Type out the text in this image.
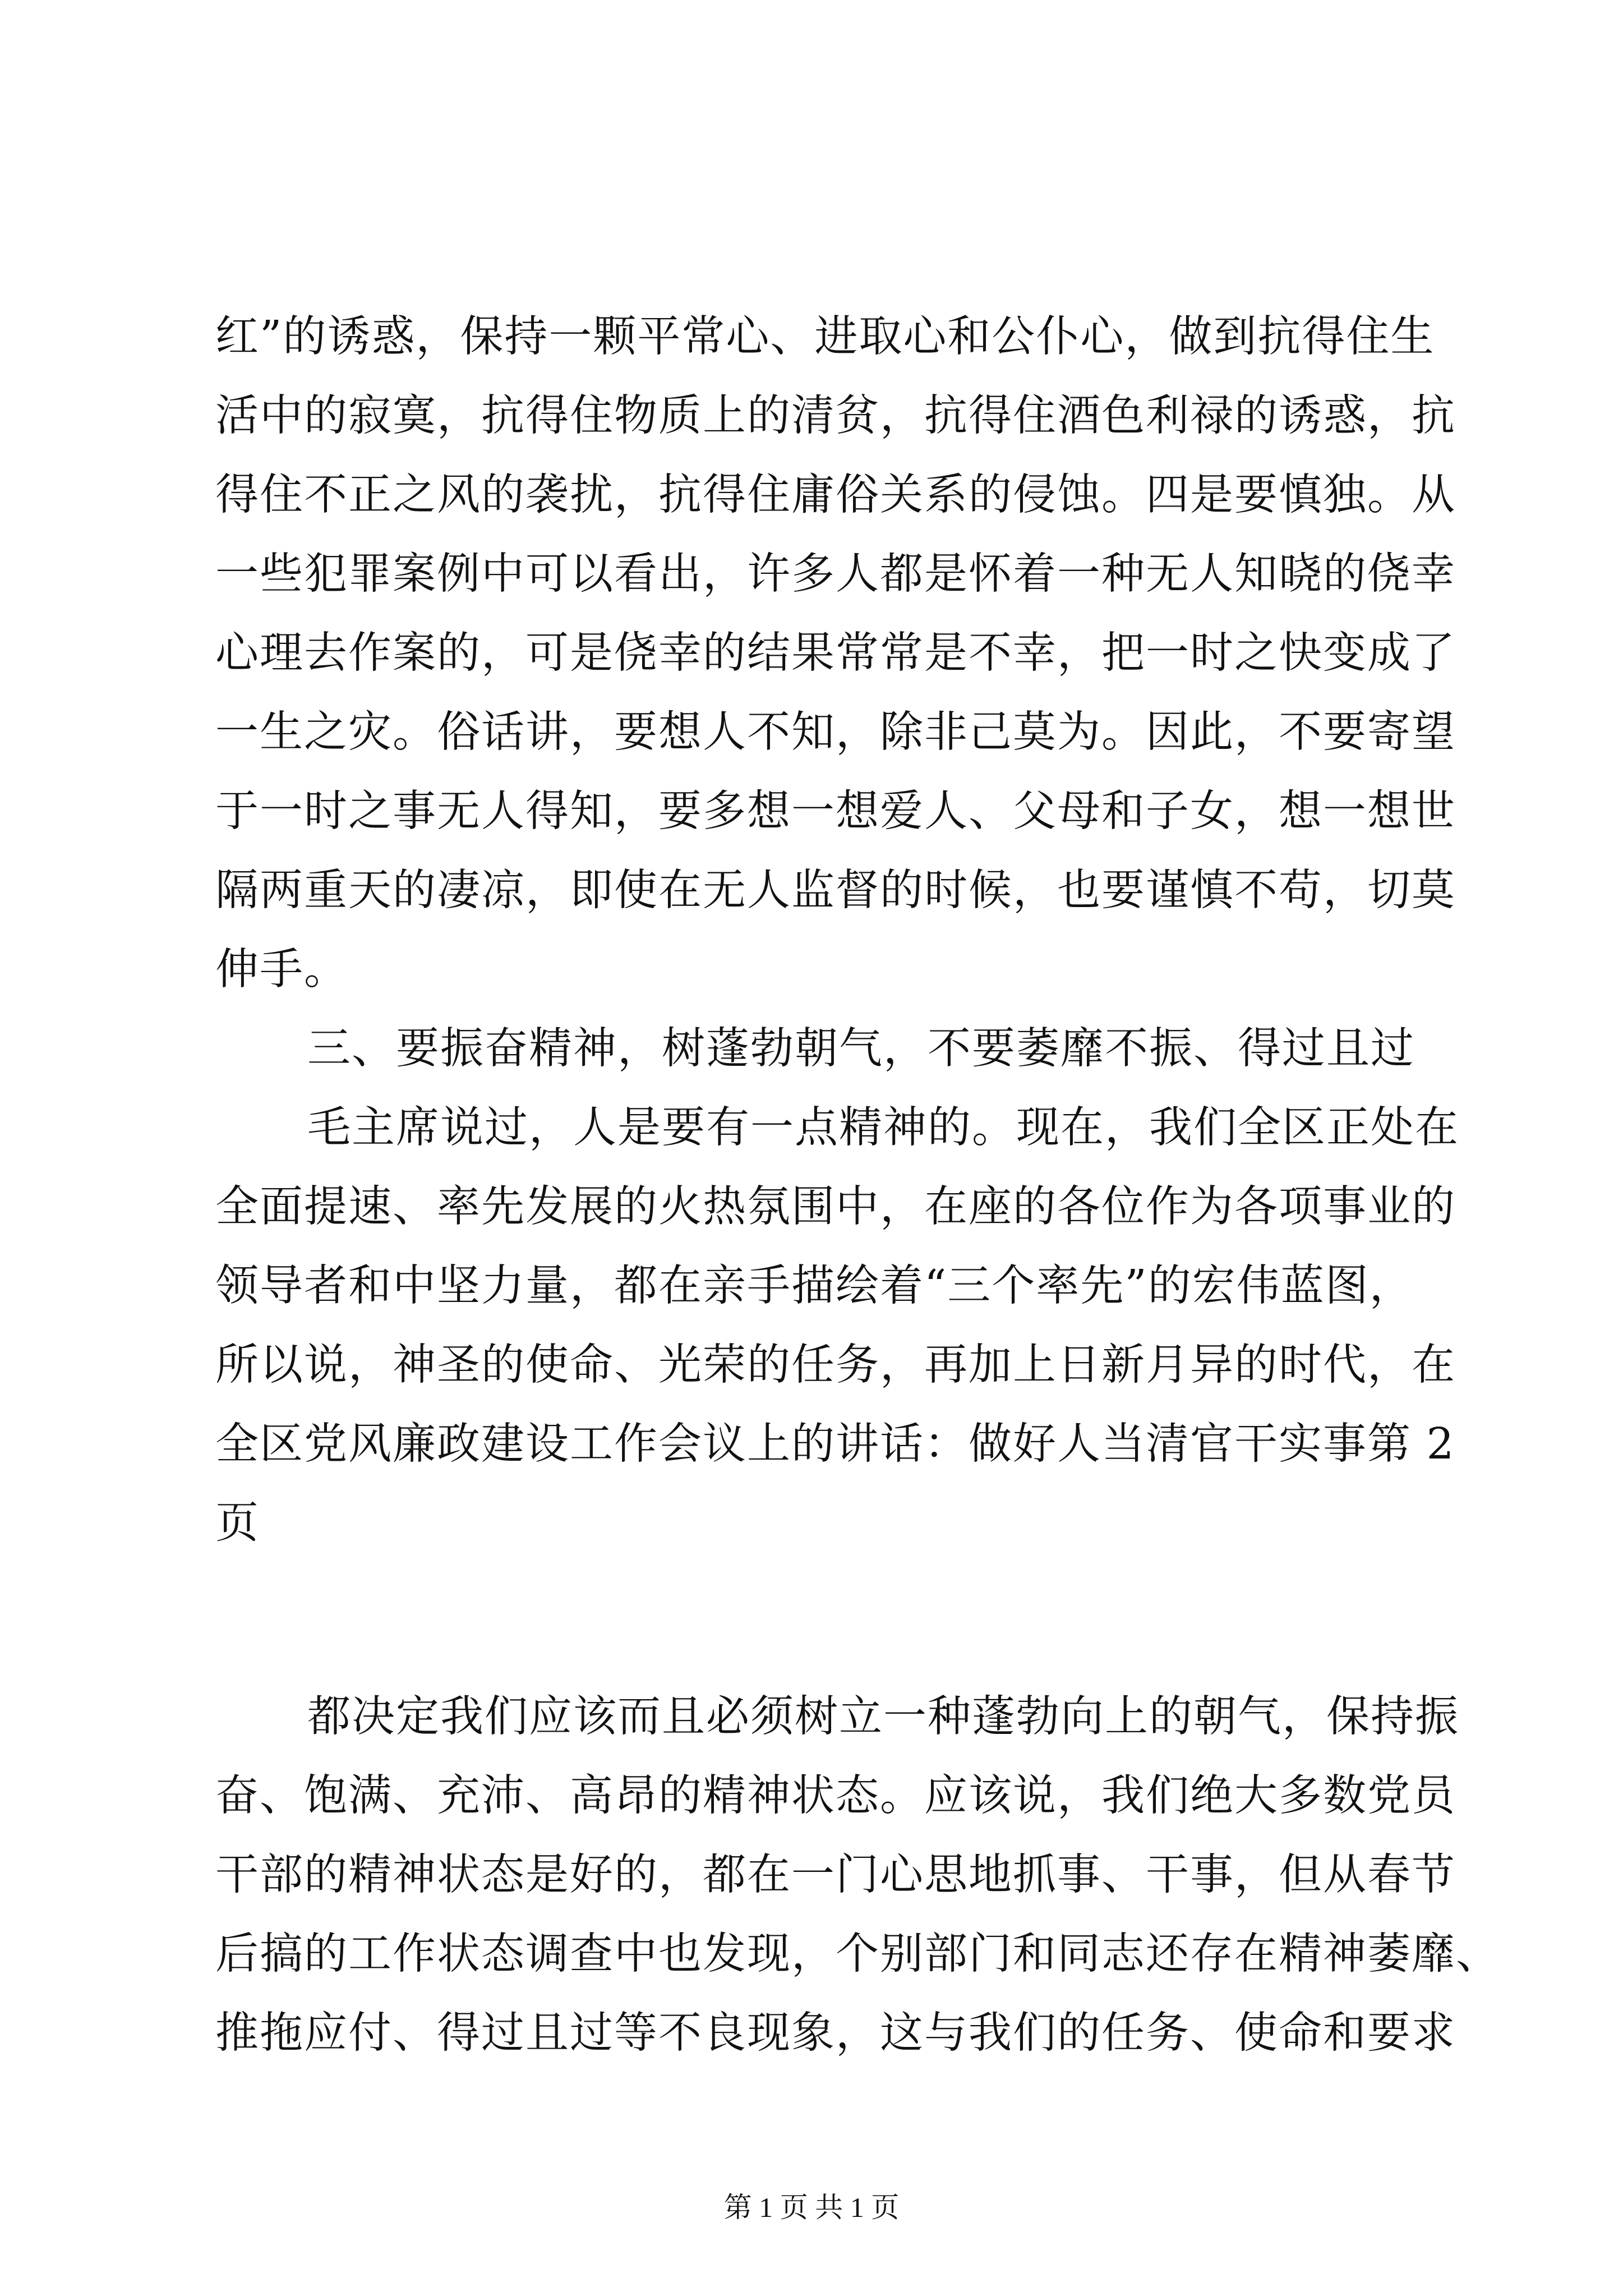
红”的诱惑，保持一颗平常心、进取心和公仆心，做到抗得住生
活中的寂寞，抗得住物质上的清贫，抗得住酒色利禄的诱惑，抗
得住不正之风的袭扰，抗得住庸俗关系的侵蚀。四是要慎独。从
一些犯罪案例中可以看出，许多人都是怀着一种无人知晓的侥幸
心理去作案的，可是侥幸的结果常常是不幸，把一时之快变成了
一生之灾。俗话讲，要想人不知，除非己莫为。因此，不要寄望
于一时之事无人得知，要多想一想爱人、父母和子女，想一想世
隔两重天的凄凉，即使在无人监督的时候，也要谨慎不苟，切莫
伸手。

三、要振奋精神，树蓬勃朝气，不要萎靡不振、得过且过

毛主席说过，人是要有一点精神的。现在，我们全区正处在
全面提速、率先发展的火热氛围中，在座的各位作为各项事业的
领导者和中坚力量，都在亲手描绘着“三个率先”的宏伟蓝图，
所以说，神圣的使命、光荣的任务，再加上日新月异的时代，在
全区党风廉政建设工作会议上的讲话：做好人当清官干实事第 2
页

都决定我们应该而且必须树立一种蓬勃向上的朝气，保持振
奋、饱满、充沛、高昂的精神状态。应该说，我们绝大多数党员
干部的精神状态是好的，都在一门心思地抓事、干事，但从春节
后搞的工作状态调查中也发现，个别部门和同志还存在精神萎靡、
推拖应付、得过且过等不良现象，这与我们的任务、使命和要求

第 1 页 共 1 页
